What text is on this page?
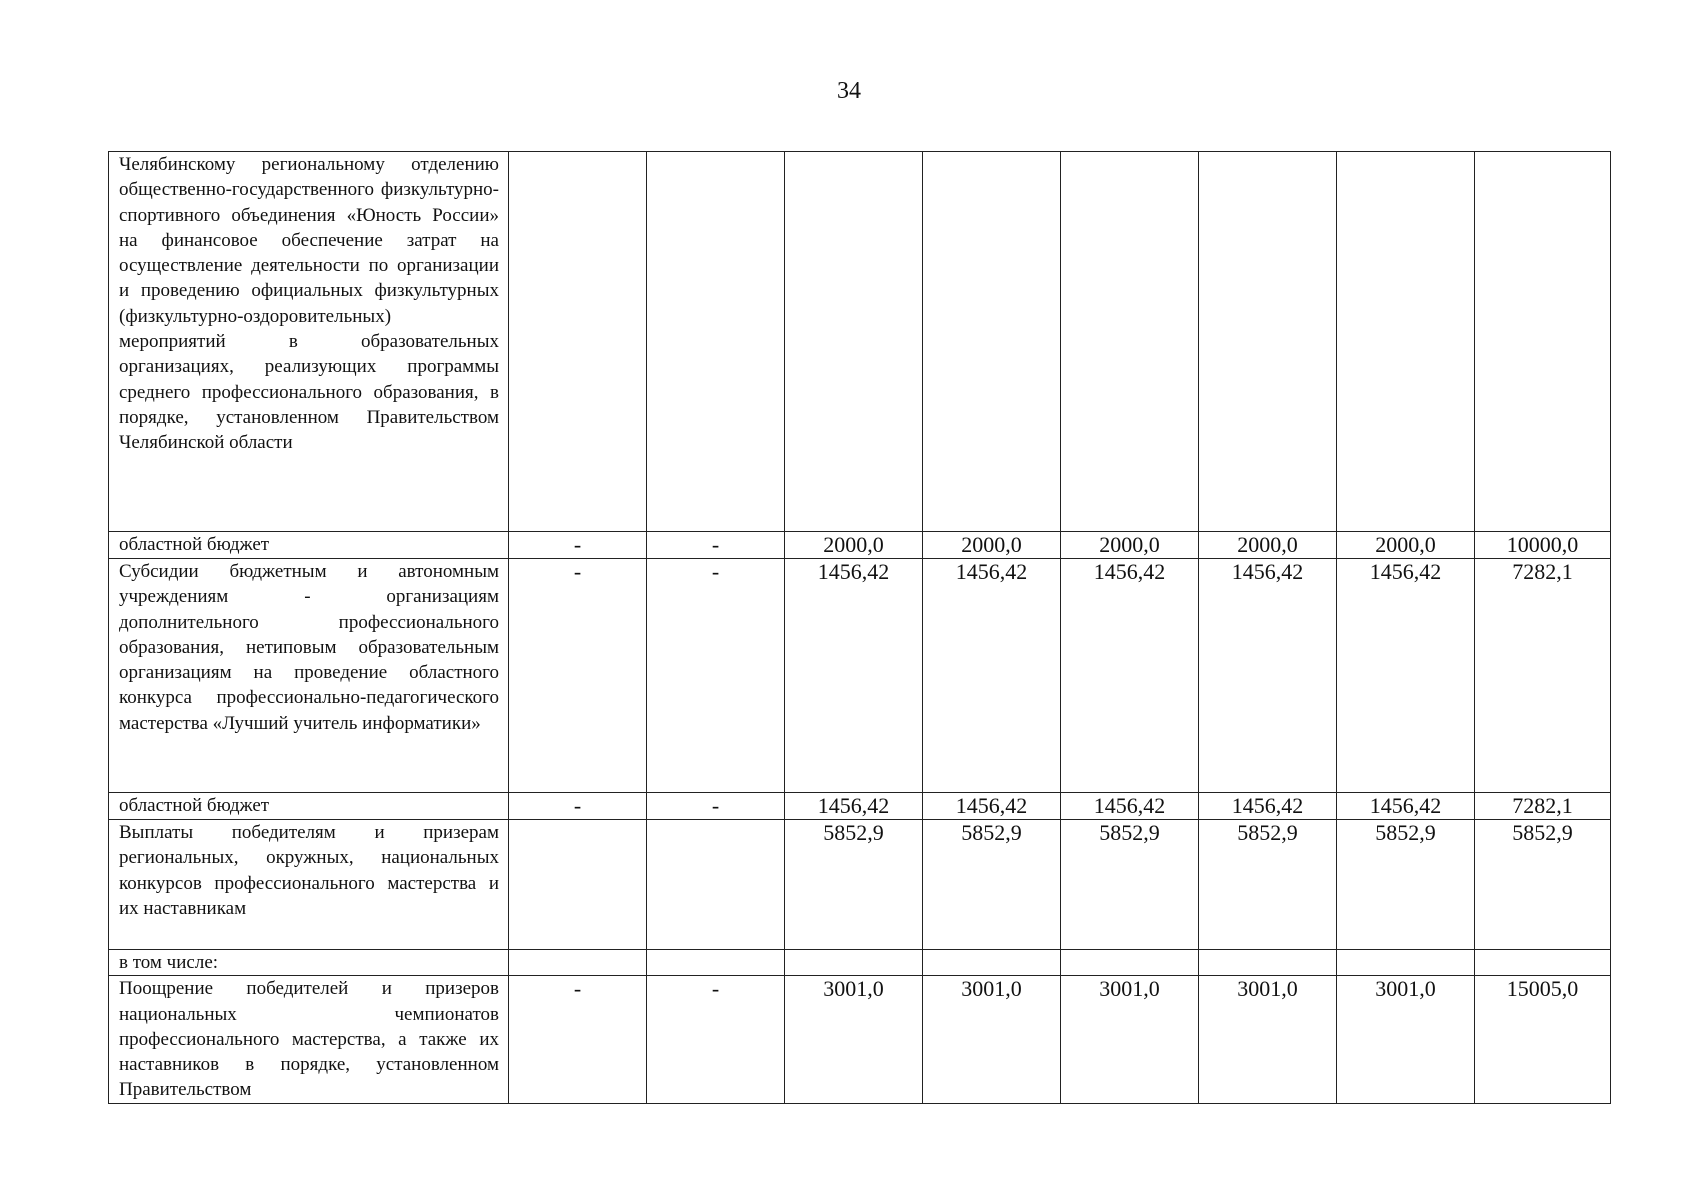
34
Челябинскому региональному отделению общественно-государственного физкультурно-спортивного объединения «Юность России» на финансовое обеспечение затрат на осуществление деятельности по организации и проведению официальных физкультурных (физкультурно-оздоровительных) мероприятий в образовательных организациях, реализующих программы среднего профессионального образования, в порядке, установленном Правительством Челябинской области								
областной бюджет	-	-	2000,0	2000,0	2000,0	2000,0	2000,0	10000,0
Субсидии бюджетным и автономным учреждениям - организациям дополнительного профессионального образования, нетиповым образовательным организациям на проведение областного конкурса профессионально-педагогического мастерства «Лучший учитель информатики»	-	-	1456,42	1456,42	1456,42	1456,42	1456,42	7282,1
областной бюджет	-	-	1456,42	1456,42	1456,42	1456,42	1456,42	7282,1
Выплаты победителям и призерам региональных, окружных, национальных конкурсов профессионального мастерства и их наставникам			5852,9	5852,9	5852,9	5852,9	5852,9	5852,9
в том числе:								
Поощрение победителей и призеров национальных чемпионатов профессионального мастерства, а также их наставников в порядке, установленном Правительством	-	-	3001,0	3001,0	3001,0	3001,0	3001,0	15005,0
